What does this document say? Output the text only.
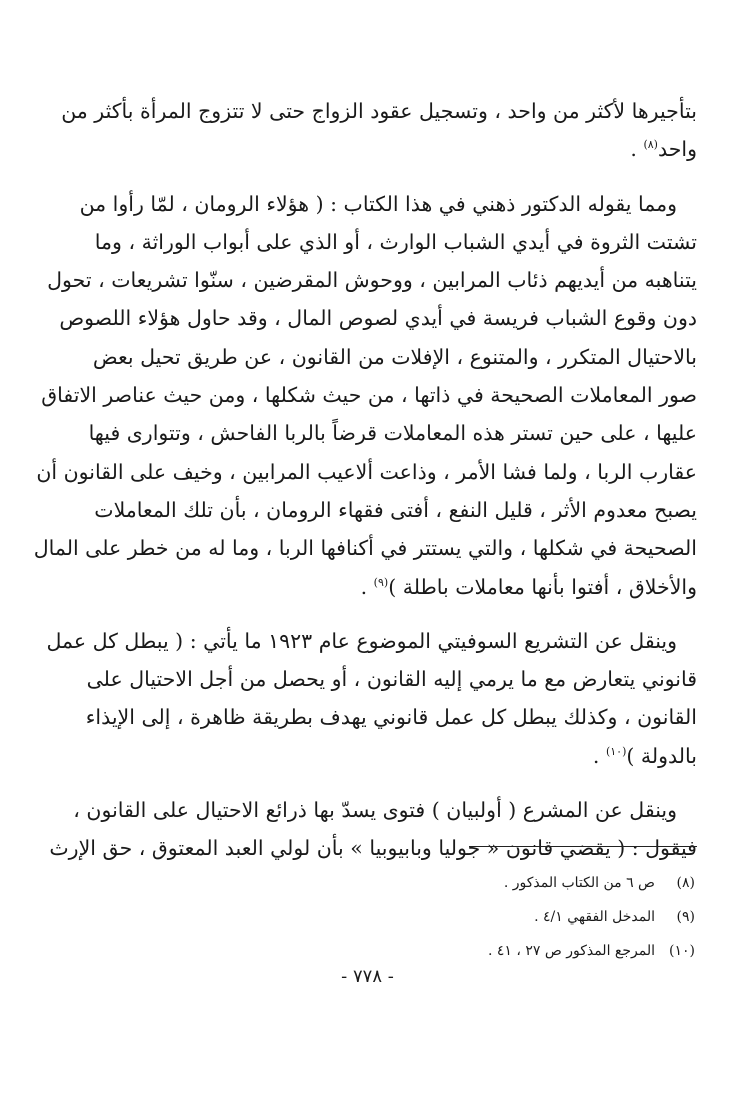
بتأجيرها لأكثر من واحد ، وتسجيل عقود الزواج حتى لا تتزوج المرأة بأكثر من
واحد$^{(٨)}$ .

ومما يقوله الدكتور ذهني في هذا الكتاب : ( هؤلاء الرومان ، لمّا رأوا من
تشتت الثروة في أيدي الشباب الوارث ، أو الذي على أبواب الوراثة ، وما
يتناهبه من أيديهم ذئاب المرابين ، ووحوش المقرضين ، سنّوا تشريعات ، تحول
دون وقوع الشباب فريسة في أيدي لصوص المال ، وقد حاول هؤلاء اللصوص
بالاحتيال المتكرر ، والمتنوع ، الإفلات من القانون ، عن طريق تحيل بعض
صور المعاملات الصحيحة في ذاتها ، من حيث شكلها ، ومن حيث عناصر الاتفاق
عليها ، على حين تستر هذه المعاملات قرضاً بالربا الفاحش ، وتتوارى فيها
عقارب الربا ، ولما فشا الأمر ، وذاعت ألاعيب المرابين ، وخيف على القانون أن
يصبح معدوم الأثر ، قليل النفع ، أفتى فقهاء الرومان ، بأن تلك المعاملات
الصحيحة في شكلها ، والتي يستتر في أكنافها الربا ، وما له من خطر على المال
والأخلاق ، أفتوا بأنها معاملات باطلة )$^{(٩)}$ .

وينقل عن التشريع السوفيتي الموضوع عام ١٩٢٣ ما يأتي : ( يبطل كل عمل
قانوني يتعارض مع ما يرمي إليه القانون ، أو يحصل من أجل الاحتيال على
القانون ، وكذلك يبطل كل عمل قانوني يهدف بطريقة ظاهرة ، إلى الإيذاء
بالدولة )$^{(١٠)}$ .

وينقل عن المشرع ( أولبيان ) فتوى يسدّ بها ذرائع الاحتيال على القانون ،
فيقول : ( يقضي قانون « جوليا وبابيوبيا » بأن لولي العبد المعتوق ، حق الإرث

(٨)ص ٦ من الكتاب المذكور .
(٩)المدخل الفقهي ٤/١ .
(١٠)المرجع المذكور ص ٢٧ ، ٤١ .
- ٧٧٨ -
